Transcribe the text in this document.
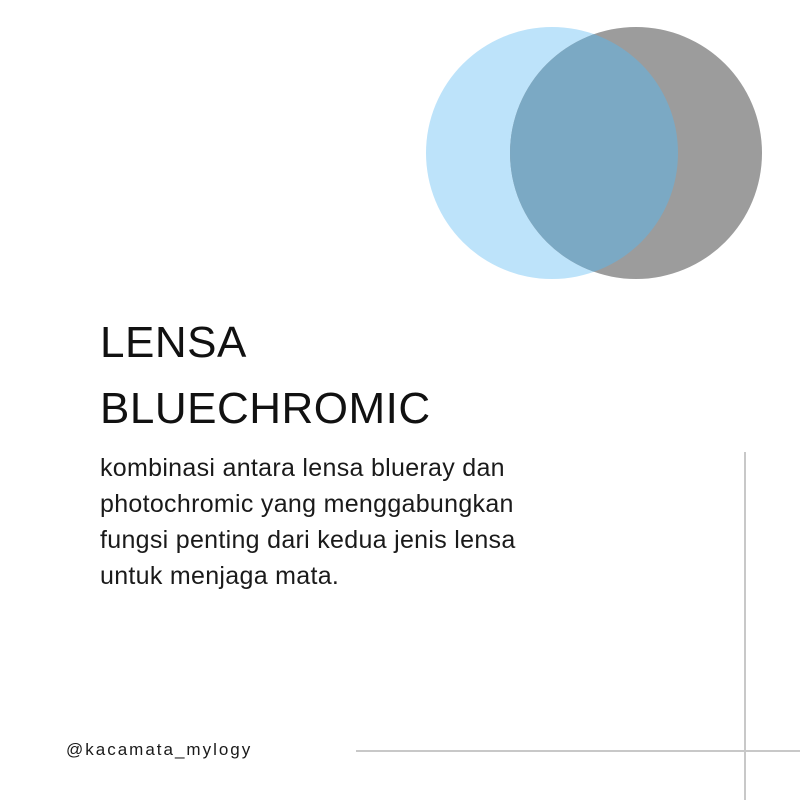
LENSA
BLUECHROMIC

kombinasi antara lensa blueray dan
photochromic yang menggabungkan
fungsi penting dari kedua jenis lensa
untuk menjaga mata.

@kacamata_mylogy
